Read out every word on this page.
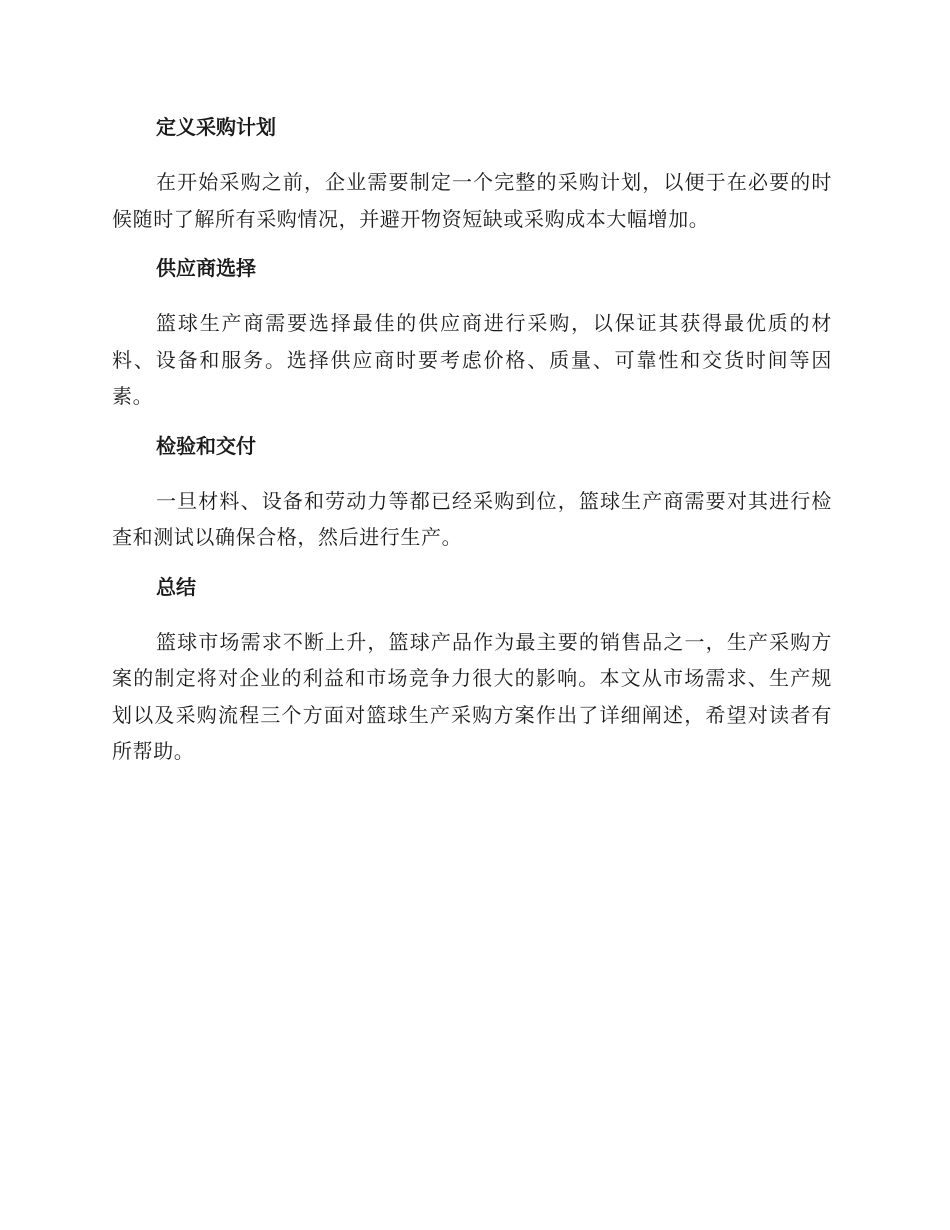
定义采购计划

在开始采购之前，企业需要制定一个完整的采购计划，以便于在必要的时候随时了解所有采购情况，并避开物资短缺或采购成本大幅增加。

供应商选择

篮球生产商需要选择最佳的供应商进行采购，以保证其获得最优质的材料、设备和服务。选择供应商时要考虑价格、质量、可靠性和交货时间等因素。

检验和交付

一旦材料、设备和劳动力等都已经采购到位，篮球生产商需要对其进行检查和测试以确保合格，然后进行生产。

总结

篮球市场需求不断上升，篮球产品作为最主要的销售品之一，生产采购方案的制定将对企业的利益和市场竞争力很大的影响。本文从市场需求、生产规划以及采购流程三个方面对篮球生产采购方案作出了详细阐述，希望对读者有所帮助。
